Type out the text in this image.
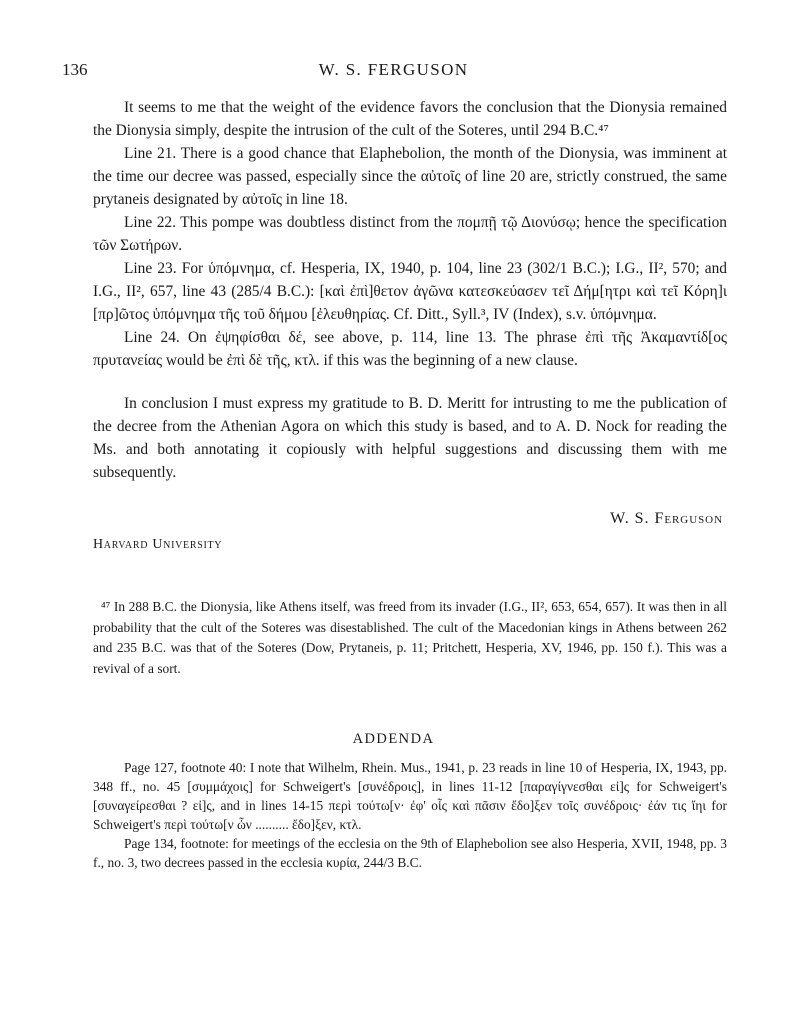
136	W. S. FERGUSON

It seems to me that the weight of the evidence favors the conclusion that the Dionysia remained the Dionysia simply, despite the intrusion of the cult of the Soteres, until 294 B.C.⁴⁷

Line 21. There is a good chance that Elaphebolion, the month of the Dionysia, was imminent at the time our decree was passed, especially since the αὐτοῖς of line 20 are, strictly construed, the same prytaneis designated by αὐτοῖς in line 18.

Line 22. This pompe was doubtless distinct from the πομπῇ τῷ Διονύσῳ; hence the specification τῶν Σωτήρων.

Line 23. For ὑπόμνημα, cf. Hesperia, IX, 1940, p. 104, line 23 (302/1 B.C.); I.G., II², 570; and I.G., II², 657, line 43 (285/4 B.C.): [καὶ ἐπὶ]θετον ἀγῶνα κατεσκεύασεν τεῖ Δήμ[ητρι καὶ τεῖ Κόρη]ι [πρ]ῶτος ὑπόμνημα τῆς τοῦ δήμου [ἐλευθηρίας. Cf. Ditt., Syll.³, IV (Index), s.v. ὑπόμνημα.

Line 24. On ἐψηφίσθαι δέ, see above, p. 114, line 13. The phrase ἐπὶ τῆς Ἀκαμαντίδ[ος πρυτανείας would be ἐπὶ δὲ τῆς, κτλ. if this was the beginning of a new clause.

In conclusion I must express my gratitude to B. D. Meritt for intrusting to me the publication of the decree from the Athenian Agora on which this study is based, and to A. D. Nock for reading the Ms. and both annotating it copiously with helpful suggestions and discussing them with me subsequently.

W. S. Ferguson
Harvard University

⁴⁷ In 288 B.C. the Dionysia, like Athens itself, was freed from its invader (I.G., II², 653, 654, 657). It was then in all probability that the cult of the Soteres was disestablished. The cult of the Macedonian kings in Athens between 262 and 235 B.C. was that of the Soteres (Dow, Prytaneis, p. 11; Pritchett, Hesperia, XV, 1946, pp. 150 f.). This was a revival of a sort.

ADDENDA

Page 127, footnote 40: I note that Wilhelm, Rhein. Mus., 1941, p. 23 reads in line 10 of Hesperia, IX, 1943, pp. 348 ff., no. 45 [συμμάχοις] for Schweigert's [συνέδροις], in lines 11-12 [παραγίγνεσθαι εἰ]ς for Schweigert's [συναγείρεσθαι ? εἰ]ς, and in lines 14-15 περὶ τούτω[ν· ἐφ' οἷς καὶ πᾶσιν ἔδο]ξεν τοῖς συνέδροις· ἐάν τις ἴηι for Schweigert's περὶ τούτω[ν ὧν .......... ἔδο]ξεν, κτλ.

Page 134, footnote: for meetings of the ecclesia on the 9th of Elaphebolion see also Hesperia, XVII, 1948, pp. 3 f., no. 3, two decrees passed in the ecclesia κυρία, 244/3 B.C.
